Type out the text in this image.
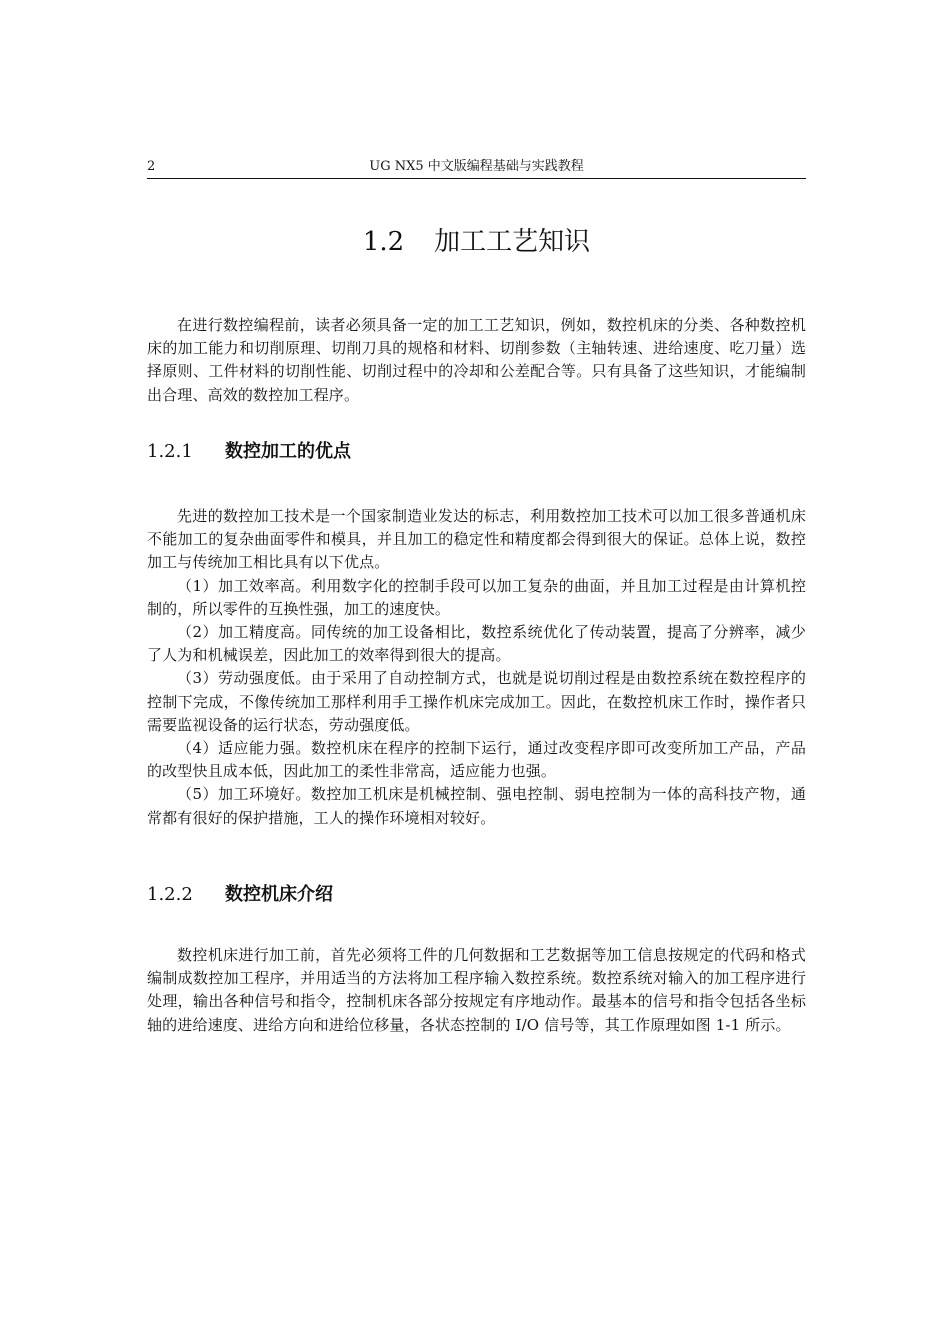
2	UG NX5 中文版编程基础与实践教程
1.2 加工工艺知识

在进行数控编程前，读者必须具备一定的加工工艺知识，例如，数控机床的分类、各种数控机床的加工能力和切削原理、切削刀具的规格和材料、切削参数（主轴转速、进给速度、吃刀量）选择原则、工件材料的切削性能、切削过程中的冷却和公差配合等。只有具备了这些知识，才能编制出合理、高效的数控加工程序。

1.2.1 数控加工的优点

先进的数控加工技术是一个国家制造业发达的标志，利用数控加工技术可以加工很多普通机床不能加工的复杂曲面零件和模具，并且加工的稳定性和精度都会得到很大的保证。总体上说，数控加工与传统加工相比具有以下优点。

（1）加工效率高。利用数字化的控制手段可以加工复杂的曲面，并且加工过程是由计算机控制的，所以零件的互换性强，加工的速度快。

（2）加工精度高。同传统的加工设备相比，数控系统优化了传动装置，提高了分辨率，减少了人为和机械误差，因此加工的效率得到很大的提高。

（3）劳动强度低。由于采用了自动控制方式，也就是说切削过程是由数控系统在数控程序的控制下完成，不像传统加工那样利用手工操作机床完成加工。因此，在数控机床工作时，操作者只需要监视设备的运行状态，劳动强度低。

（4）适应能力强。数控机床在程序的控制下运行，通过改变程序即可改变所加工产品，产品的改型快且成本低，因此加工的柔性非常高，适应能力也强。

（5）加工环境好。数控加工机床是机械控制、强电控制、弱电控制为一体的高科技产物，通常都有很好的保护措施，工人的操作环境相对较好。

1.2.2 数控机床介绍

数控机床进行加工前，首先必须将工件的几何数据和工艺数据等加工信息按规定的代码和格式编制成数控加工程序，并用适当的方法将加工程序输入数控系统。数控系统对输入的加工程序进行处理，输出各种信号和指令，控制机床各部分按规定有序地动作。最基本的信号和指令包括各坐标轴的进给速度、进给方向和进给位移量，各状态控制的 I/O 信号等，其工作原理如图 1-1 所示。
